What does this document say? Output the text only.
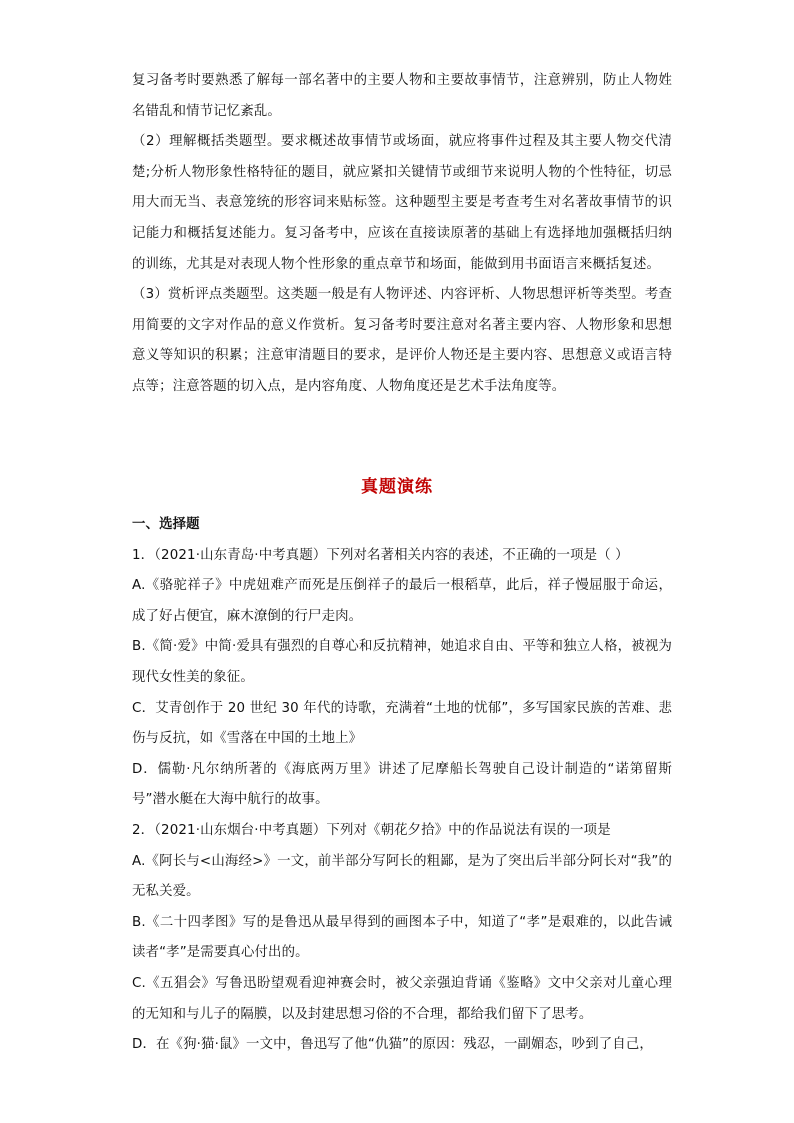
复习备考时要熟悉了解每一部名著中的主要人物和主要故事情节，注意辨别，防止人物姓名错乱和情节记忆紊乱。

（2）理解概括类题型。要求概述故事情节或场面，就应将事件过程及其主要人物交代清楚;分析人物形象性格特征的题目，就应紧扣关键情节或细节来说明人物的个性特征，切忌用大而无当、表意笼统的形容词来贴标签。这种题型主要是考查考生对名著故事情节的识记能力和概括复述能力。复习备考中，应该在直接读原著的基础上有选择地加强概括归纳的训练，尤其是对表现人物个性形象的重点章节和场面，能做到用书面语言来概括复述。

（3）赏析评点类题型。这类题一般是有人物评述、内容评析、人物思想评析等类型。考查用简要的文字对作品的意义作赏析。复习备考时要注意对名著主要内容、人物形象和思想意义等知识的积累；注意审清题目的要求，是评价人物还是主要内容、思想意义或语言特点等；注意答题的切入点，是内容角度、人物角度还是艺术手法角度等。

真题演练

一、选择题

1．（2021·山东青岛·中考真题）下列对名著相关内容的表述，不正确的一项是（ ）

A.《骆驼祥子》中虎妞难产而死是压倒祥子的最后一根稻草，此后，祥子慢屈服于命运，成了好占便宜，麻木潦倒的行尸走肉。

B.《简·爱》中简·爱具有强烈的自尊心和反抗精神，她追求自由、平等和独立人格，被视为现代女性美的象征。

C．艾青创作于 20 世纪 30 年代的诗歌，充满着“土地的忧郁”，多写国家民族的苦难、悲伤与反抗，如《雪落在中国的土地上》

D．儒勒·凡尔纳所著的《海底两万里》讲述了尼摩船长驾驶自己设计制造的“诺第留斯号”潜水艇在大海中航行的故事。

2．（2021·山东烟台·中考真题）下列对《朝花夕拾》中的作品说法有误的一项是

A.《阿长与<山海经>》一文，前半部分写阿长的粗鄙，是为了突出后半部分阿长对“我”的无私关爱。

B.《二十四孝图》写的是鲁迅从最早得到的画图本子中，知道了“孝”是艰难的，以此告诫读者“孝”是需要真心付出的。

C.《五猖会》写鲁迅盼望观看迎神赛会时，被父亲强迫背诵《鉴略》文中父亲对儿童心理的无知和与儿子的隔膜，以及封建思想习俗的不合理，都给我们留下了思考。

D．在《狗·猫·鼠》一文中，鲁迅写了他“仇猫”的原因：残忍，一副媚态，吵到了自己，
